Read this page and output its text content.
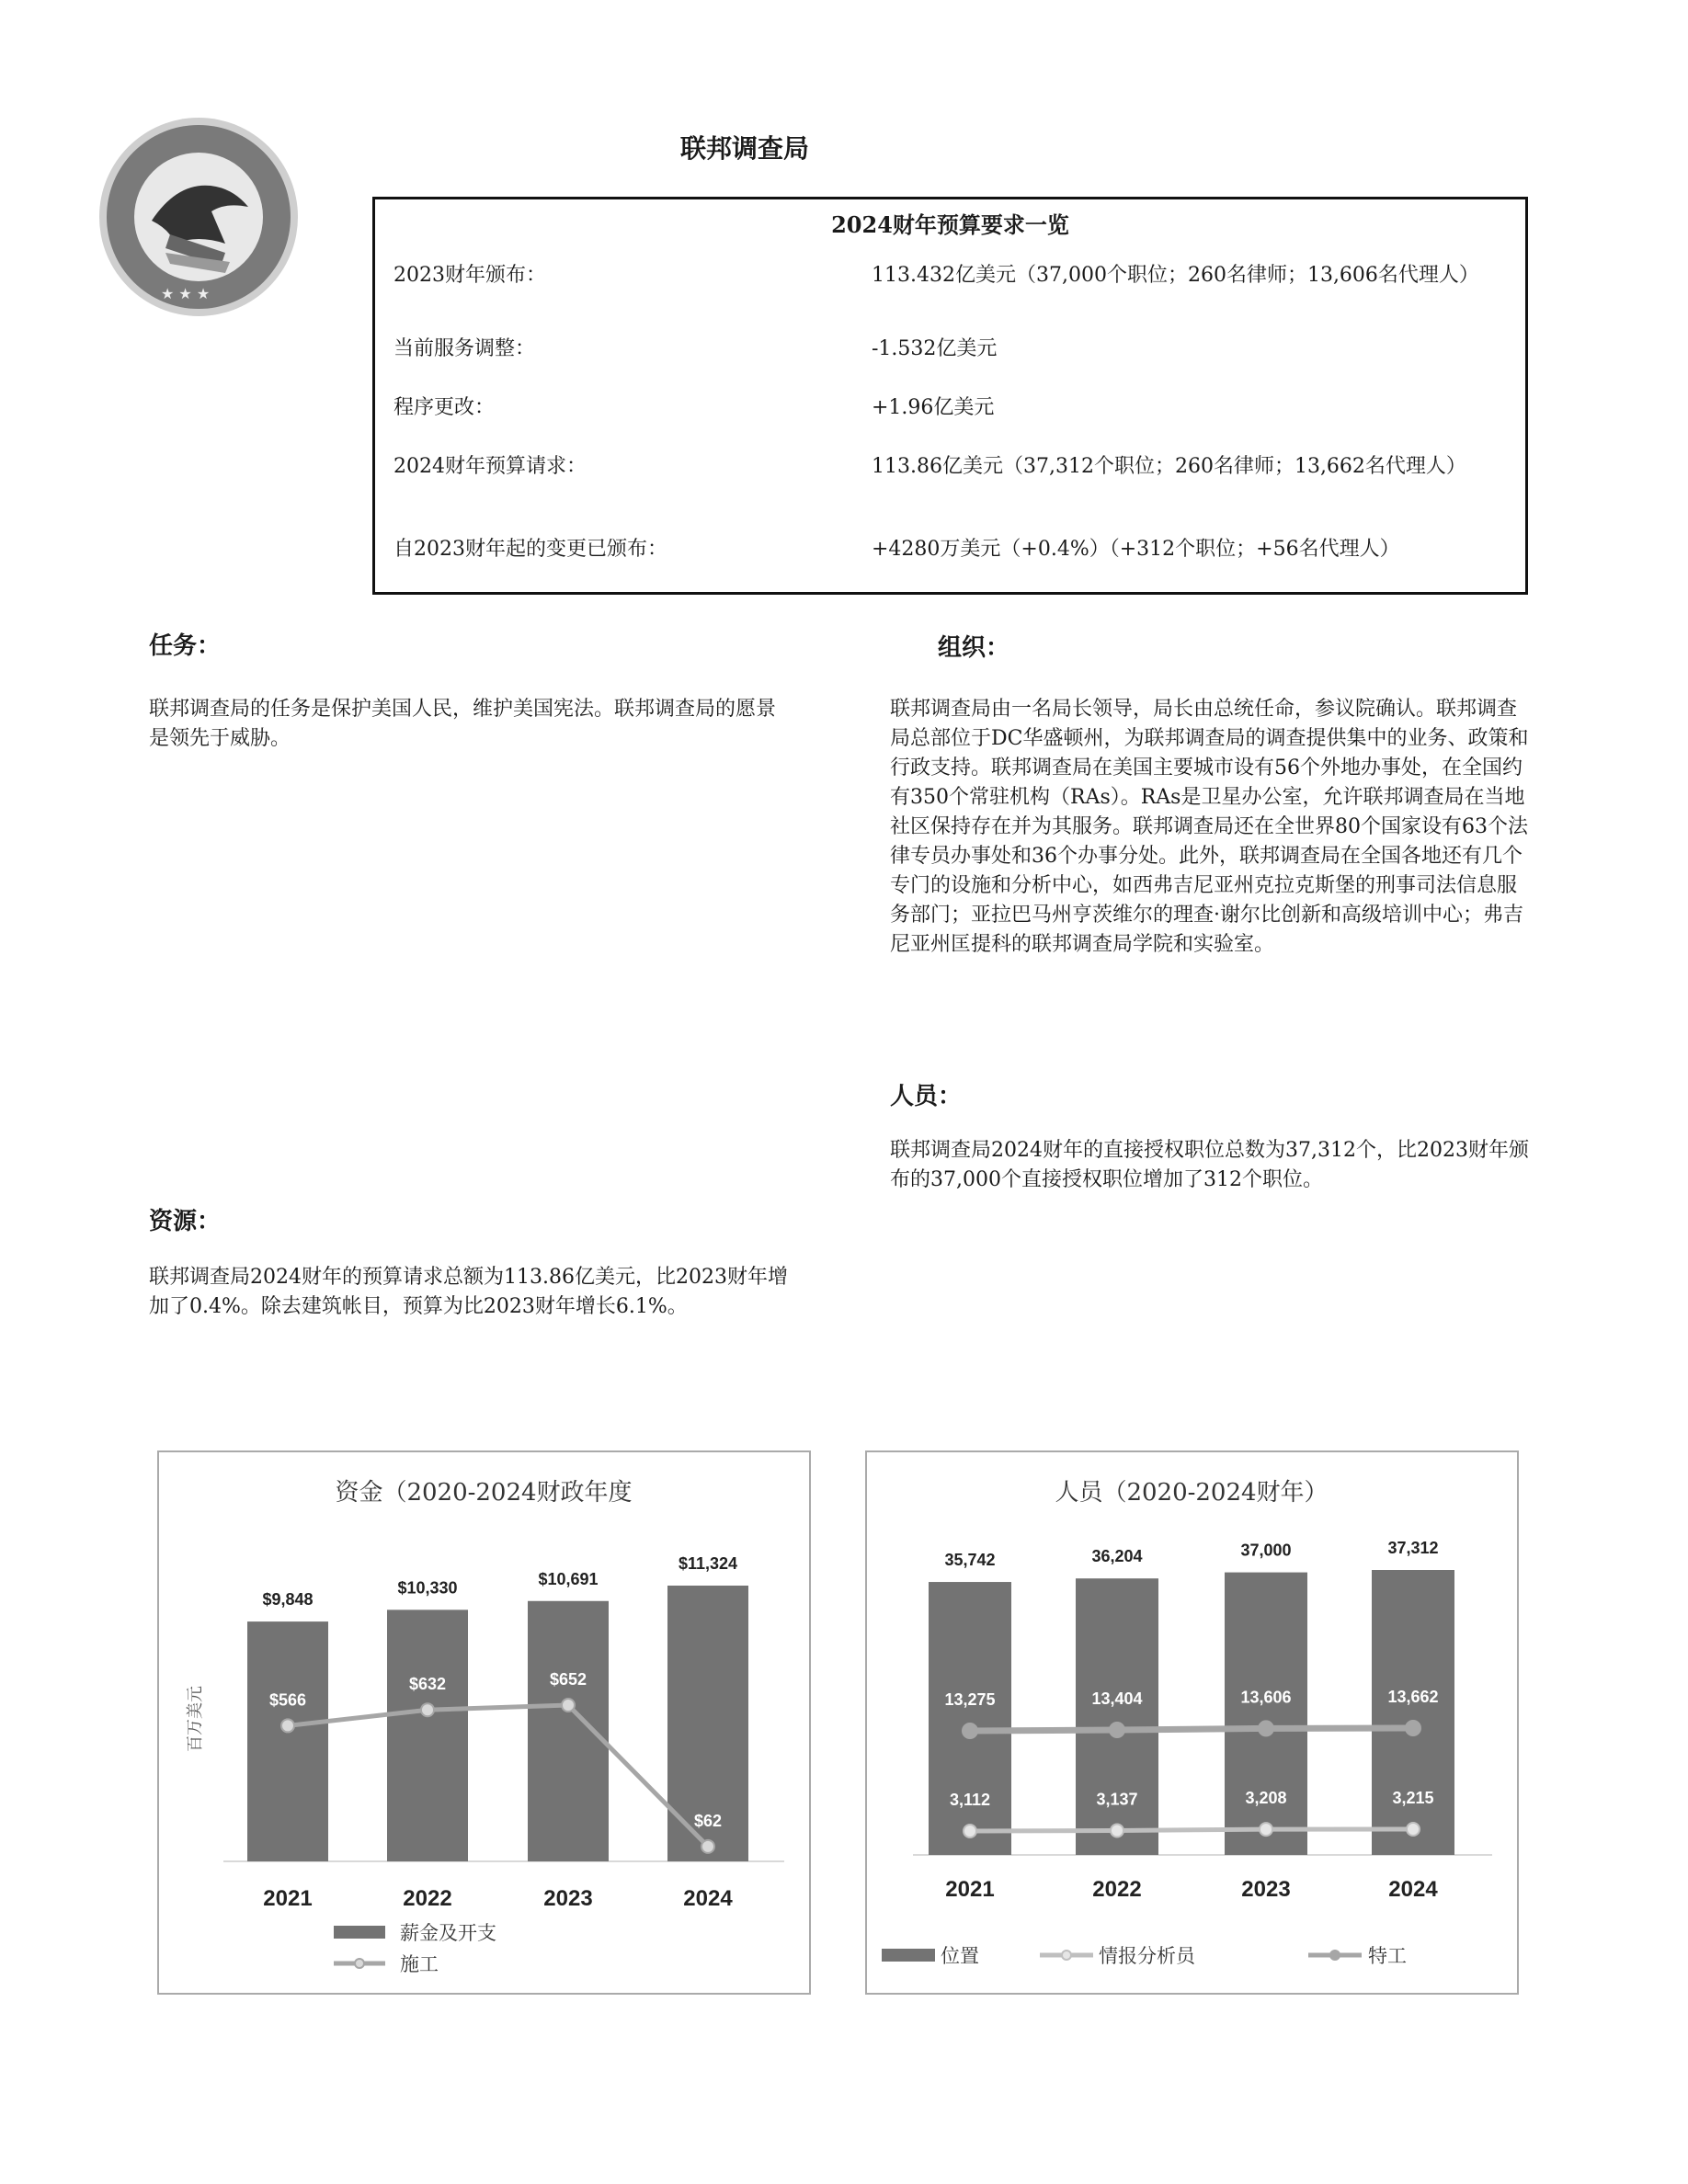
★ ★ ★
联邦调查局
2024财年预算要求一览
2023财年颁布：	113.432亿美元（37,000个职位；260名律师；13,606名代理人）
当前服务调整：	-1.532亿美元
程序更改：	+1.96亿美元
2024财年预算请求：	113.86亿美元（37,312个职位；260名律师；13,662名代理人）
自2023财年起的变更已颁布：	+4280万美元（+0.4%）（+312个职位；+56名代理人）
任务：
联邦调查局的任务是保护美国人民，维护美国宪法。联邦调查局的愿景是领先于威胁。
组织：
联邦调查局由一名局长领导，局长由总统任命，参议院确认。联邦调查局总部位于DC华盛顿州，为联邦调查局的调查提供集中的业务、政策和行政支持。联邦调查局在美国主要城市设有56个外地办事处，在全国约有350个常驻机构（RAs）。RAs是卫星办公室，允许联邦调查局在当地社区保持存在并为其服务。联邦调查局还在全世界80个国家设有63个法律专员办事处和36个办事分处。此外，联邦调查局在全国各地还有几个专门的设施和分析中心，如西弗吉尼亚州克拉克斯堡的刑事司法信息服务部门；亚拉巴马州亨茨维尔的理查·谢尔比创新和高级培训中心；弗吉尼亚州匡提科的联邦调查局学院和实验室。
人员：
联邦调查局2024财年的直接授权职位总数为37,312个，比2023财年颁布的37,000个直接授权职位增加了312个职位。
资源：
联邦调查局2024财年的预算请求总额为113.86亿美元，比2023财年增加了0.4%。除去建筑帐目，预算为比2023财年增长6.1%。
资金（2020-2024财政年度
百万美元
$9,848
$10,330	$10,691
$11,324
$566
$632	$652
$62
2021	2022	2023	2024
薪金及开支
施工
人员（2020-2024财年）
35,742	36,204	37,000	37,312
13,275	13,404	13,606	13,662
3,112	3,137	3,208	3,215
2021	2022	2023	2024
位置	情报分析员	特工
